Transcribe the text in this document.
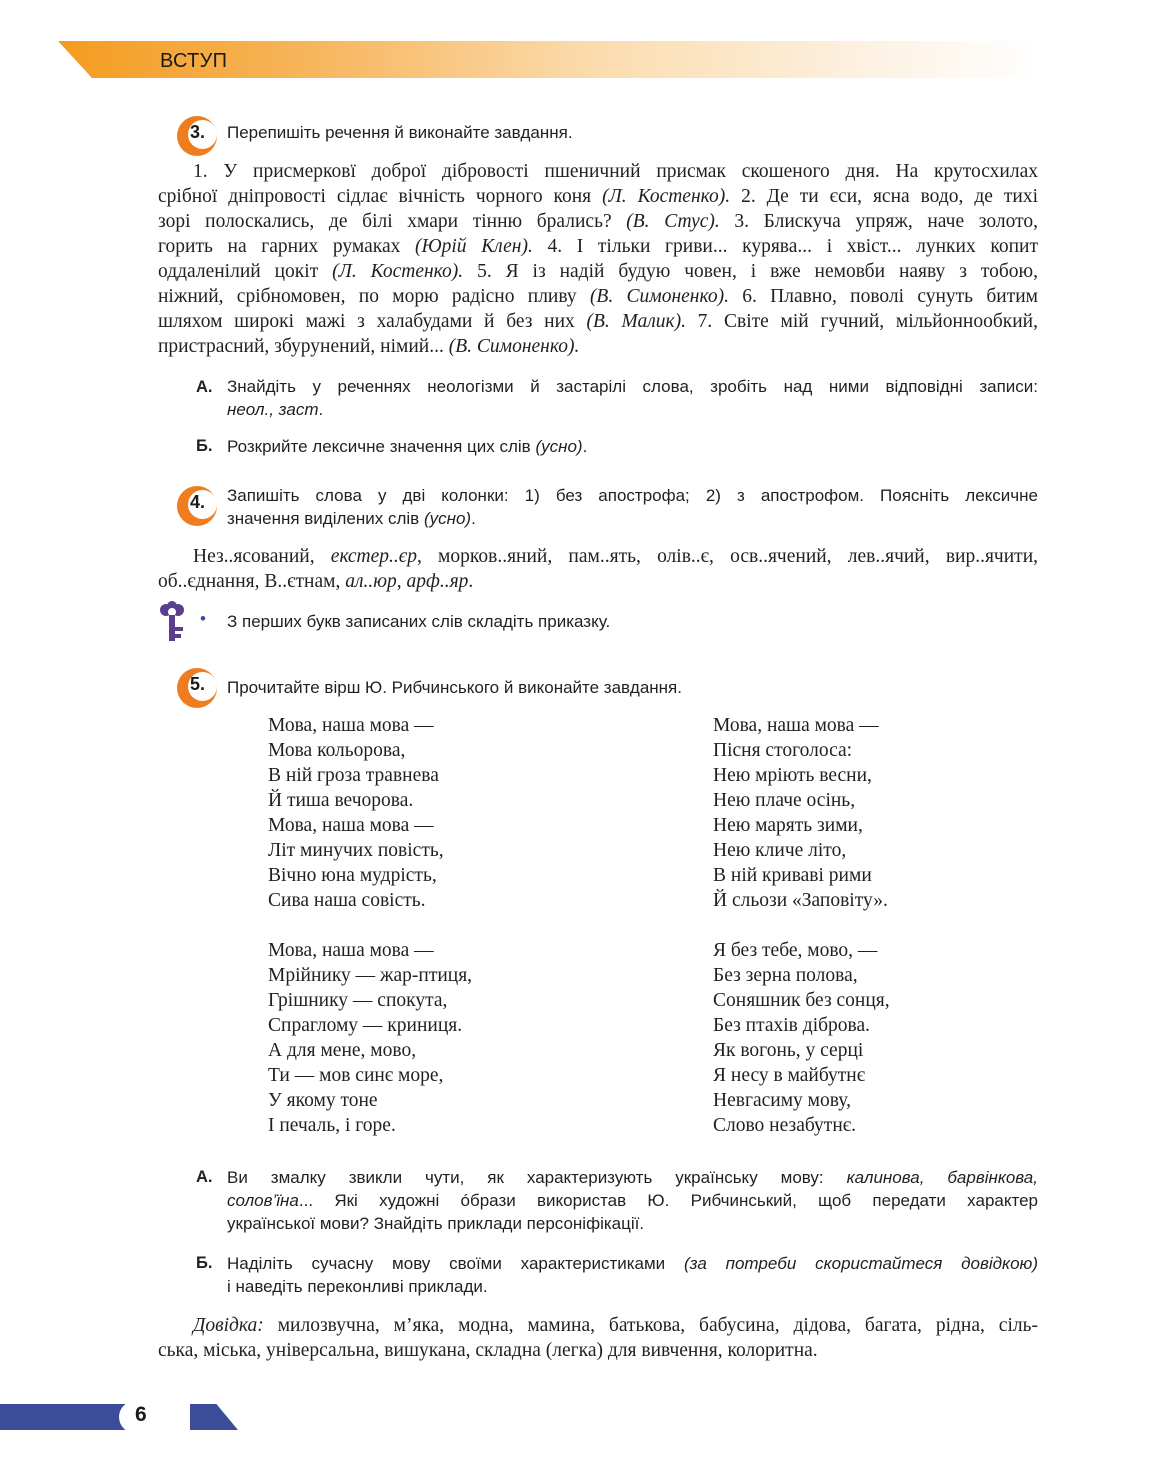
ВСТУП
3. Перепишіть речення й виконайте завдання.
1. У присмерковї доброї дібровості пшеничний присмак скошеного дня. На крутосхилах
срібної дніпровості сідлає вічність чорного коня (Л. Костенко). 2. Де ти єси, ясна водо, де тихі
зорі полоскались, де білі хмари тінню брались? (В. Стус). 3. Блискуча упряж, наче золото,
горить на гарних румаках (Юрій Клен). 4. І тільки гриви... курява... і хвіст... лунких копит
оддаленілий цокіт (Л. Костенко). 5. Я із надій будую човен, і вже немовби наяву з тобою,
ніжний, срібномовен, по морю радісно пливу (В. Симоненко). 6. Плавно, поволі сунуть битим
шляхом широкі мажі з халабудами й без них (В. Малик). 7. Світе мій гучний, мільйоннообкий,
пристрасний, збурунений, німий... (В. Симоненко).
А. Знайдіть у реченнях неологізми й застарілі слова, зробіть над ними відповідні записи:
неол., заст.
Б. Розкрийте лексичне значення цих слів (усно).
4. Запишіть слова у дві колонки: 1) без апострофа; 2) з апострофом. Поясніть лексичне
значення виділених слів (усно).
Нез..ясований, екстер..єр, морков..яний, пам..ять, олів..є, осв..ячений, лев..ячий, вир..ячити,
об..єднання, В..єтнам, ал..юр, арф..яр.
• З перших букв записаних слів складіть приказку.
5. Прочитайте вірш Ю. Рибчинського й виконайте завдання.
Мова, наша мова —
Мова кольорова,
В ній гроза травнева
Й тиша вечорова.
Мова, наша мова —
Літ минучих повість,
Вічно юна мудрість,
Сива наша совість.
Мова, наша мова —
Мрійнику — жар-птиця,
Грішнику — спокута,
Спраглому — криниця.
А для мене, мово,
Ти — мов синє море,
У якому тоне
І печаль, і горе.
Мова, наша мова —
Пісня стоголоса:
Нею мріють весни,
Нею плаче осінь,
Нею марять зими,
Нею кличе літо,
В ній криваві рими
Й сльози «Заповіту».
Я без тебе, мово, —
Без зерна полова,
Соняшник без сонця,
Без птахів діброва.
Як вогонь, у серці
Я несу в майбутнє
Невгасиму мову,
Слово незабутнє.
А. Ви змалку звикли чути, як характеризують українську мову: калинова, барвінкова,
солов’їна... Які художні óбрази використав Ю. Рибчинський, щоб передати характер
української мови? Знайдіть приклади персоніфікації.
Б. Наділіть сучасну мову своїми характеристиками (за потреби скористайтеся довідкою)
і наведіть переконливі приклади.
Довідка: милозвучна, м’яка, модна, мамина, батькова, бабусина, дідова, багата, рідна, сіль-
ська, міська, універсальна, вишукана, складна (легка) для вивчення, колоритна.
6
